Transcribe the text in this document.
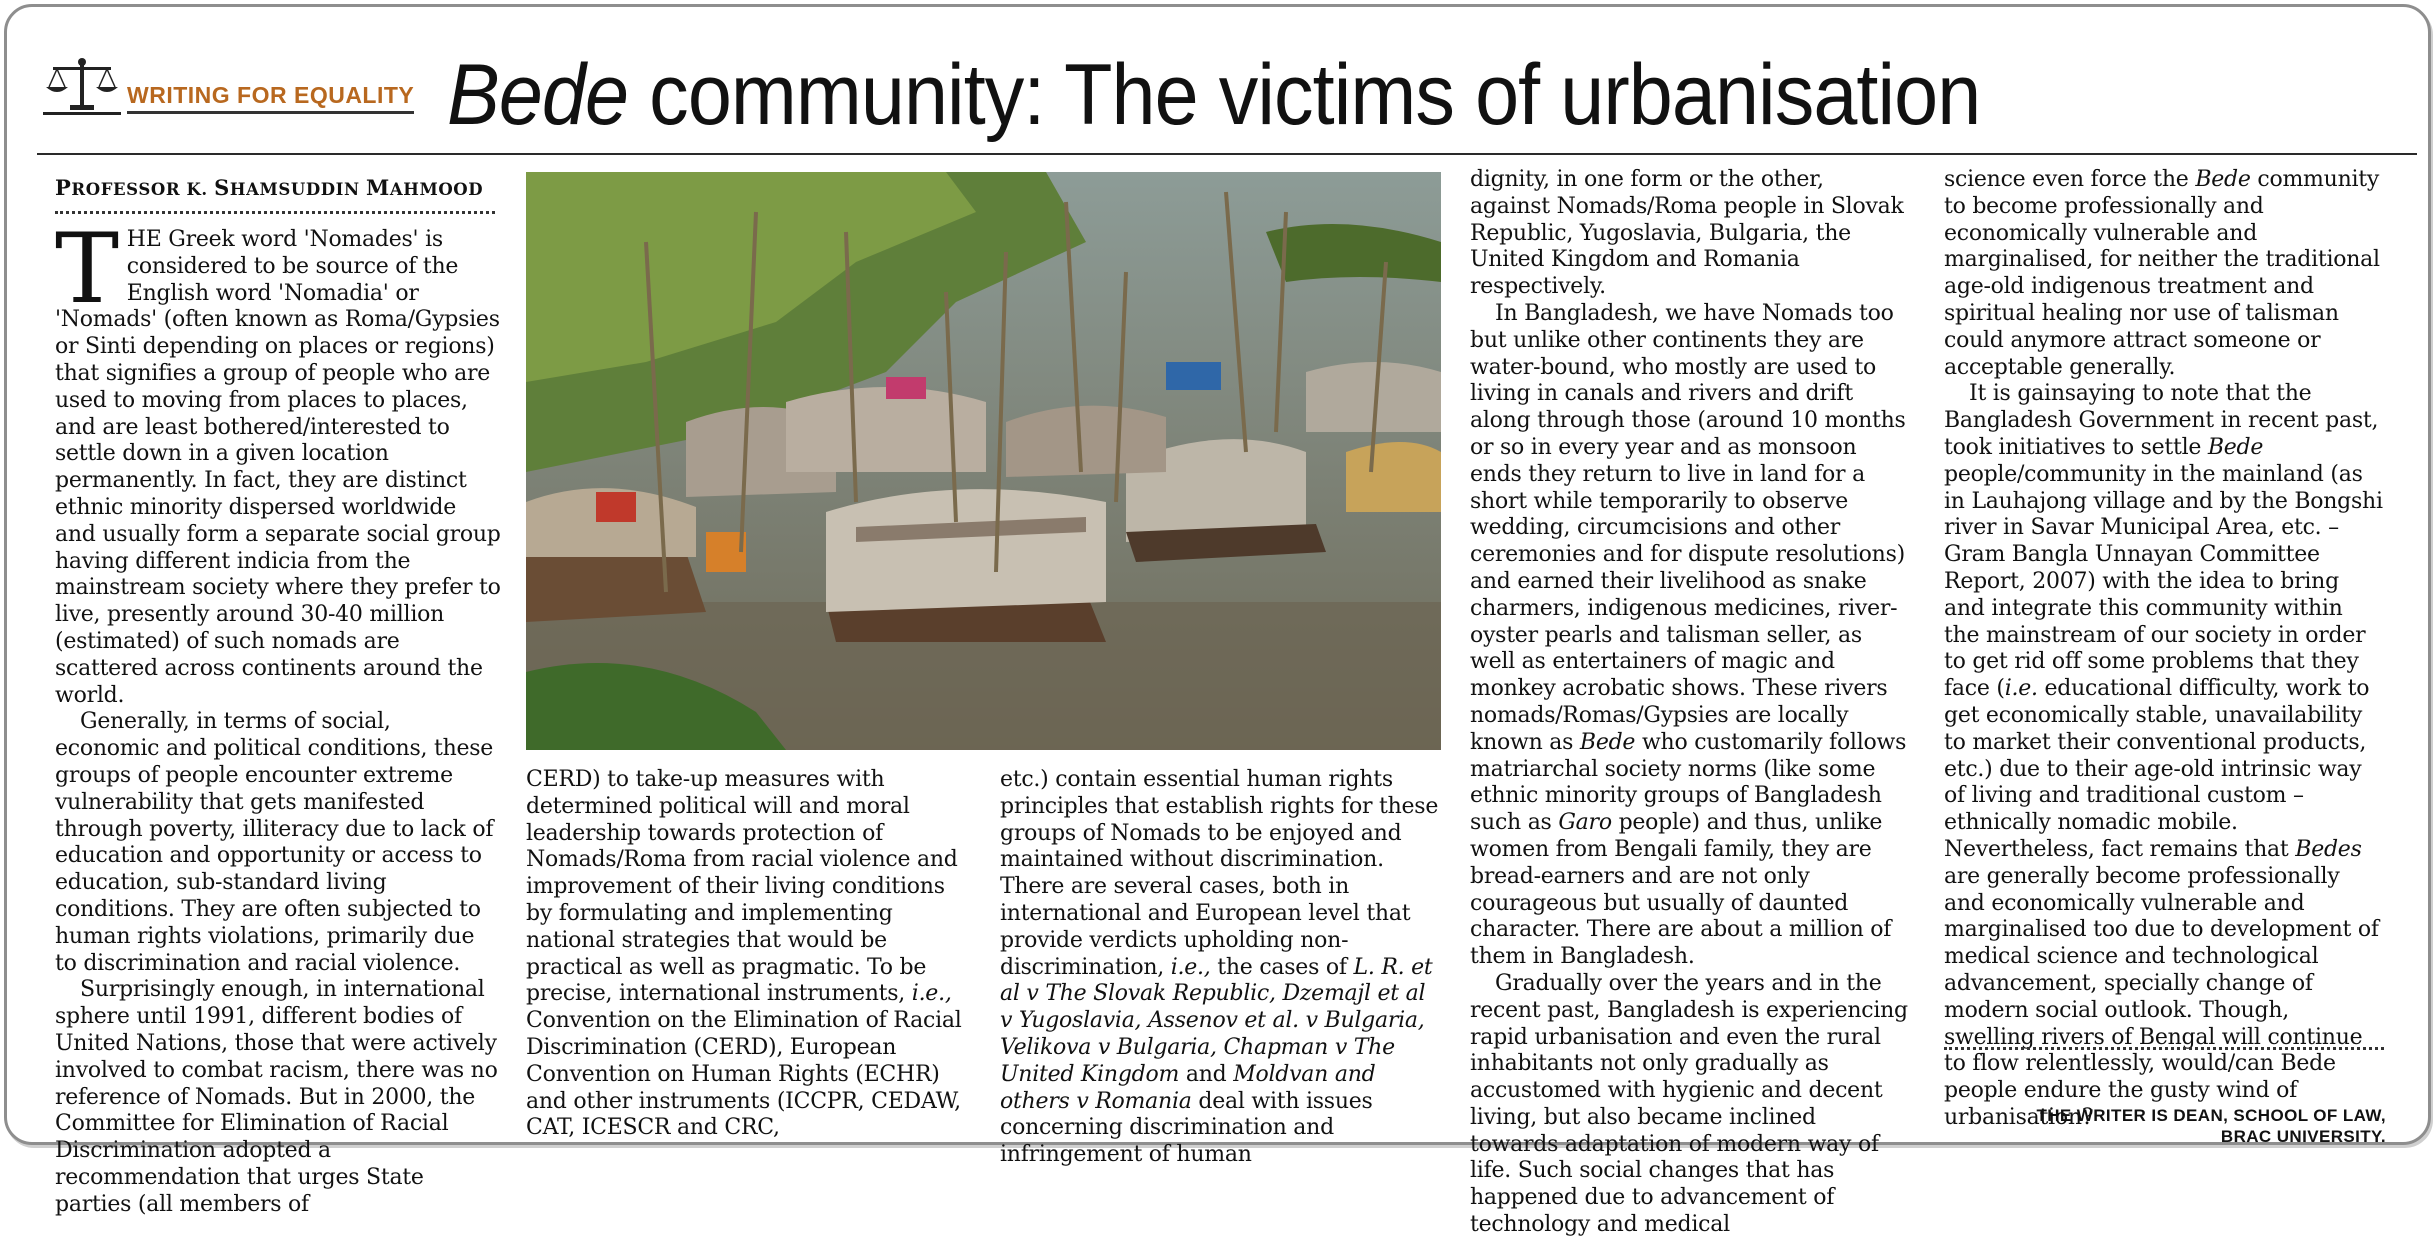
WRITING FOR EQUALITY Bede community: The victims of urbanisation
PROFESSOR K. SHAMSUDDIN MAHMOOD

THE Greek word 'Nomades' is considered to be source of the English word 'Nomadia' or 'Nomads' (often known as Roma/Gypsies or Sinti depending on places or regions) that signifies a group of people who are used to moving from places to places, and are least bothered/interested to settle down in a given location permanently. In fact, they are distinct ethnic minority dispersed worldwide and usually form a separate social group having different indicia from the mainstream society where they prefer to live, presently around 30-40 million (estimated) of such nomads are scattered across continents around the world.

Generally, in terms of social, economic and political conditions, these groups of people encounter extreme vulnerability that gets manifested through poverty, illiteracy due to lack of education and opportunity or access to education, sub-standard living conditions. They are often subjected to human rights violations, primarily due to discrimination and racial violence.

Surprisingly enough, in international sphere until 1991, different bodies of United Nations, those that were actively involved to combat racism, there was no reference of Nomads. But in 2000, the Committee for Elimination of Racial Discrimination adopted a recommendation that urges State parties (all members of

CERD) to take-up measures with determined political will and moral leadership towards protection of Nomads/Roma from racial violence and improvement of their living conditions by formulating and implementing national strategies that would be practical as well as pragmatic. To be precise, international instruments, i.e., Convention on the Elimination of Racial Discrimination (CERD), European Convention on Human Rights (ECHR) and other instruments (ICCPR, CEDAW, CAT, ICESCR and CRC,

etc.) contain essential human rights principles that establish rights for these groups of Nomads to be enjoyed and maintained without discrimination. There are several cases, both in international and European level that provide verdicts upholding non-discrimination, i.e., the cases of L. R. et al v The Slovak Republic, Dzemajl et al v Yugoslavia, Assenov et al. v Bulgaria, Velikova v Bulgaria, Chapman v The United Kingdom and Moldvan and others v Romania deal with issues concerning discrimination and infringement of human

dignity, in one form or the other, against Nomads/Roma people in Slovak Republic, Yugoslavia, Bulgaria, the United Kingdom and Romania respectively.

In Bangladesh, we have Nomads too but unlike other continents they are water-bound, who mostly are used to living in canals and rivers and drift along through those (around 10 months or so in every year and as monsoon ends they return to live in land for a short while temporarily to observe wedding, circumcisions and other ceremonies and for dispute resolutions) and earned their livelihood as snake charmers, indigenous medicines, river-oyster pearls and talisman seller, as well as entertainers of magic and monkey acrobatic shows. These rivers nomads/Romas/Gypsies are locally known as Bede who customarily follows matriarchal society norms (like some ethnic minority groups of Bangladesh such as Garo people) and thus, unlike women from Bengali family, they are bread-earners and are not only courageous but usually of daunted character. There are about a million of them in Bangladesh.

Gradually over the years and in the recent past, Bangladesh is experiencing rapid urbanisation and even the rural inhabitants not only gradually as accustomed with hygienic and decent living, but also became inclined towards adaptation of modern way of life. Such social changes that has happened due to advancement of technology and medical

science even force the Bede community to become professionally and economically vulnerable and marginalised, for neither the traditional age-old indigenous treatment and spiritual healing nor use of talisman could anymore attract someone or acceptable generally.

It is gainsaying to note that the Bangladesh Government in recent past, took initiatives to settle Bede people/community in the mainland (as in Lauhajong village and by the Bongshi river in Savar Municipal Area, etc. – Gram Bangla Unnayan Committee Report, 2007) with the idea to bring and integrate this community within the mainstream of our society in order to get rid off some problems that they face (i.e. educational difficulty, work to get economically stable, unavailability to market their conventional products, etc.) due to their age-old intrinsic way of living and traditional custom – ethnically nomadic mobile. Nevertheless, fact remains that Bedes are generally become professionally and economically vulnerable and marginalised too due to development of medical science and technological advancement, specially change of modern social outlook. Though, swelling rivers of Bengal will continue to flow relentlessly, would/can Bede people endure the gusty wind of urbanisation?

THE WRITER IS DEAN, SCHOOL OF LAW,
BRAC UNIVERSITY.
